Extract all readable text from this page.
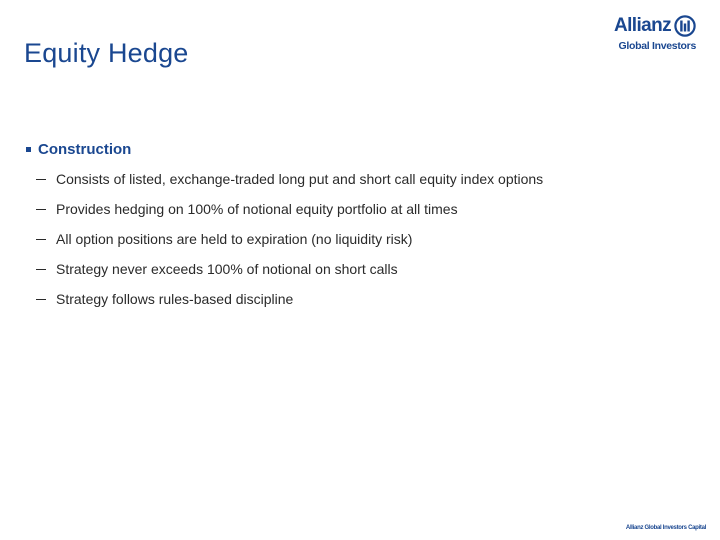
Equity Hedge
Allianz
Global Investors
Construction
Consists of listed, exchange-traded long put and short call equity index options
Provides hedging on 100% of notional equity portfolio at all times
All option positions are held to expiration (no liquidity risk)
Strategy never exceeds 100% of notional on short calls
Strategy follows rules-based discipline
Allianz Global Investors Capital
